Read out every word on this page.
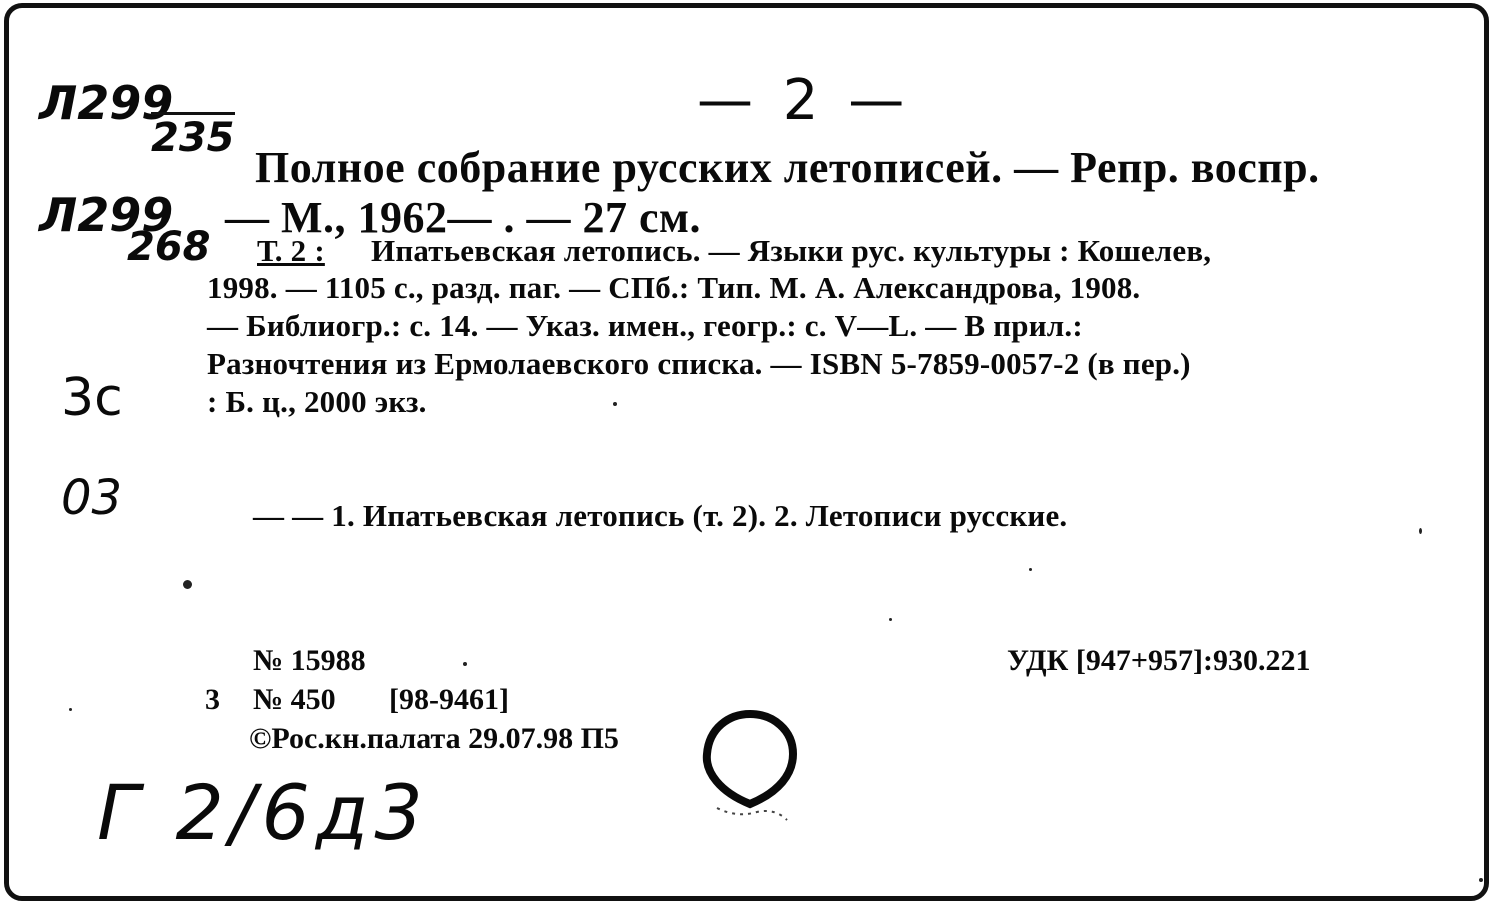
— 2 —
Л299
235
Л299
268
3с
03
Полное собрание русских летописей. — Репр. воспр.
— М., 1962— . — 27 см.
Т. 2 : Ипатьевская летопись. — Языки рус. культуры : Кошелев,
1998. — 1105 с., разд. паг. — СПб.: Тип. М. А. Александрова, 1908.
— Библиогр.: с. 14. — Указ. имен., геогр.: с. V—L. — В прил.:
Разночтения из Ермолаевского списка. — ISBN 5-7859-0057-2 (в пер.)
: Б. ц., 2000 экз.
— — 1. Ипатьевская летопись (т. 2). 2. Летописи русские.
№ 15988	УДК [947+957]:930.221
3 № 450 [98-9461]
©Рос.кн.палата 29.07.98 П5
Г 2/6д3
